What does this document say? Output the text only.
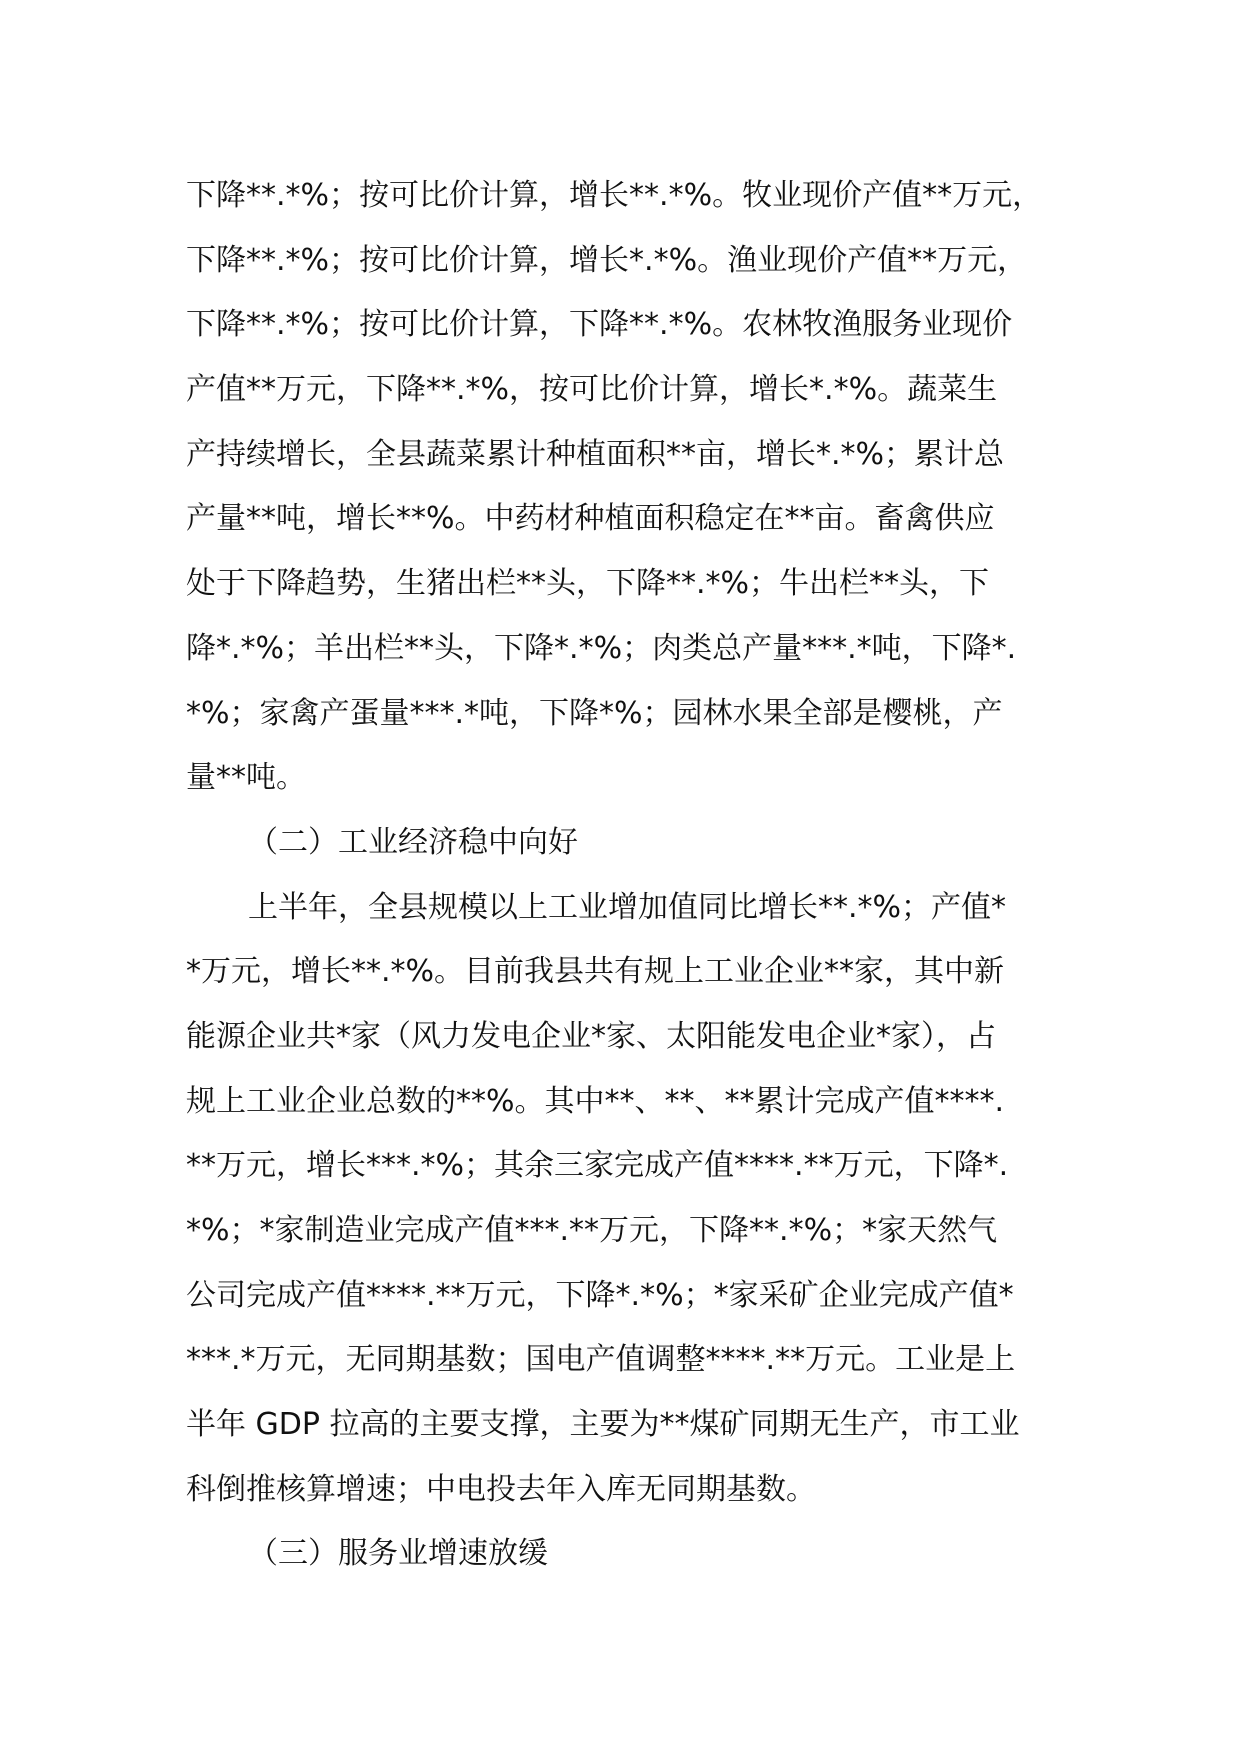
下降**.*%；按可比价计算，增长**.*%。牧业现价产值**万元，
下降**.*%；按可比价计算，增长*.*%。渔业现价产值**万元，
下降**.*%；按可比价计算，下降**.*%。农林牧渔服务业现价
产值**万元，下降**.*%，按可比价计算，增长*.*%。蔬菜生
产持续增长，全县蔬菜累计种植面积**亩，增长*.*%；累计总
产量**吨，增长**%。中药材种植面积稳定在**亩。畜禽供应
处于下降趋势，生猪出栏**头，下降**.*%；牛出栏**头，下
降*.*%；羊出栏**头，下降*.*%；肉类总产量***.*吨，下降*.
*%；家禽产蛋量***.*吨，下降*%；园林水果全部是樱桃，产
量**吨。
（二）工业经济稳中向好
上半年，全县规模以上工业增加值同比增长**.*%；产值*
*万元，增长**.*%。目前我县共有规上工业企业**家，其中新
能源企业共*家（风力发电企业*家、太阳能发电企业*家），占
规上工业企业总数的**%。其中**、**、**累计完成产值****.
**万元，增长***.*%；其余三家完成产值****.**万元，下降*.
*%；*家制造业完成产值***.**万元，下降**.*%；*家天然气
公司完成产值****.**万元，下降*.*%；*家采矿企业完成产值*
***.*万元，无同期基数；国电产值调整****.**万元。工业是上
半年 GDP 拉高的主要支撑，主要为**煤矿同期无生产，市工业
科倒推核算增速；中电投去年入库无同期基数。
（三）服务业增速放缓
